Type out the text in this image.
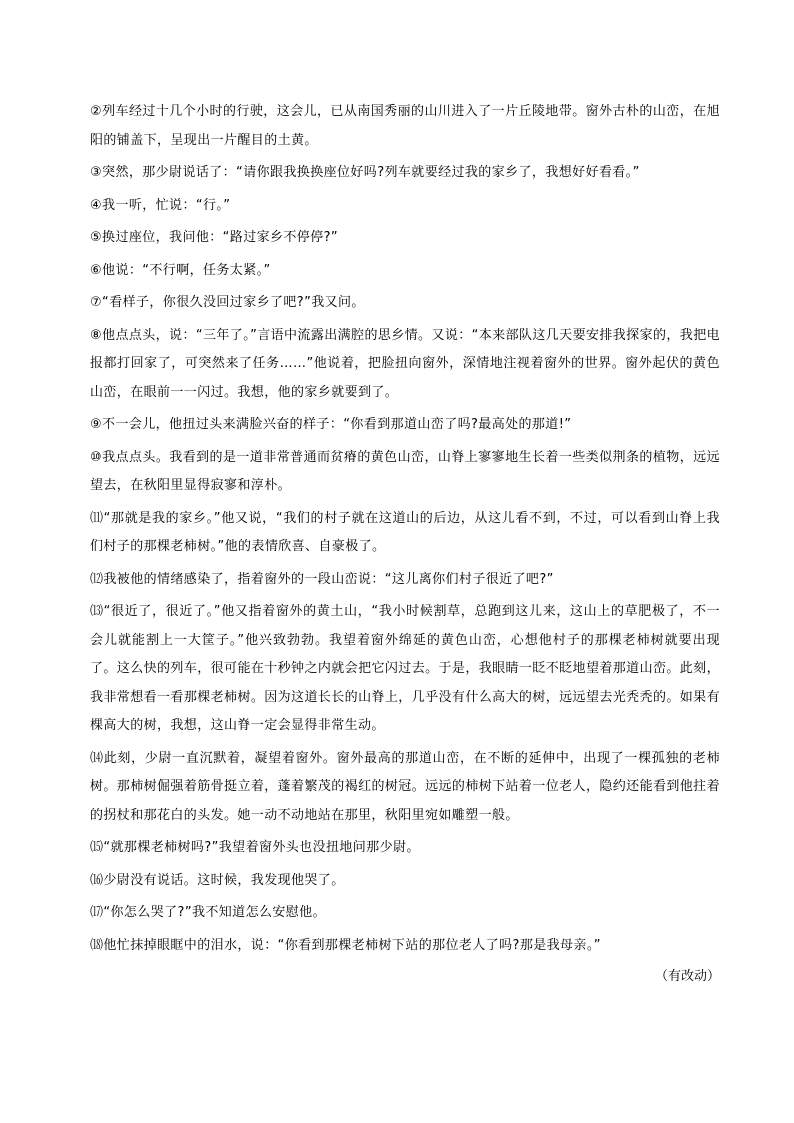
②列车经过十几个小时的行驶，这会儿，已从南国秀丽的山川进入了一片丘陵地带。窗外古朴的山峦，在旭阳的铺盖下，呈现出一片醒目的土黄。

③突然，那少尉说话了：“请你跟我换换座位好吗?列车就要经过我的家乡了，我想好好看看。”

④我一听，忙说：“行。”

⑤换过座位，我问他：“路过家乡不停停?”

⑥他说：“不行啊，任务太紧。”

⑦“看样子，你很久没回过家乡了吧?”我又问。

⑧他点点头，说：“三年了。”言语中流露出满腔的思乡情。又说：“本来部队这几天要安排我探家的，我把电报都打回家了，可突然来了任务……”他说着，把脸扭向窗外，深情地注视着窗外的世界。窗外起伏的黄色山峦，在眼前一一闪过。我想，他的家乡就要到了。

⑨不一会儿，他扭过头来满脸兴奋的样子：“你看到那道山峦了吗?最高处的那道!”

⑩我点点头。我看到的是一道非常普通而贫瘠的黄色山峦，山脊上寥寥地生长着一些类似荆条的植物，远远望去，在秋阳里显得寂寥和淳朴。

⑾“那就是我的家乡。”他又说，“我们的村子就在这道山的后边，从这儿看不到，不过，可以看到山脊上我们村子的那棵老柿树。”他的表情欣喜、自豪极了。

⑿我被他的情绪感染了，指着窗外的一段山峦说：“这儿离你们村子很近了吧?”

⒀“很近了，很近了。”他又指着窗外的黄土山，“我小时候割草，总跑到这儿来，这山上的草肥极了，不一会儿就能割上一大筐子。”他兴致勃勃。我望着窗外绵延的黄色山峦，心想他村子的那棵老柿树就要出现了。这么快的列车，很可能在十秒钟之内就会把它闪过去。于是，我眼睛一眨不眨地望着那道山峦。此刻，我非常想看一看那棵老柿树。因为这道长长的山脊上，几乎没有什么高大的树，远远望去光秃秃的。如果有棵高大的树，我想，这山脊一定会显得非常生动。

⒁此刻，少尉一直沉默着，凝望着窗外。窗外最高的那道山峦，在不断的延伸中，出现了一棵孤独的老柿树。那柿树倔强着筋骨挺立着，蓬着繁茂的褐红的树冠。远远的柿树下站着一位老人，隐约还能看到他拄着的拐杖和那花白的头发。她一动不动地站在那里，秋阳里宛如雕塑一般。

⒂“就那棵老柿树吗?”我望着窗外头也没扭地问那少尉。

⒃少尉没有说话。这时候，我发现他哭了。

⒄“你怎么哭了?”我不知道怎么安慰他。

⒅他忙抹掉眼眶中的泪水，说：“你看到那棵老柿树下站的那位老人了吗?那是我母亲。”

（有改动）
